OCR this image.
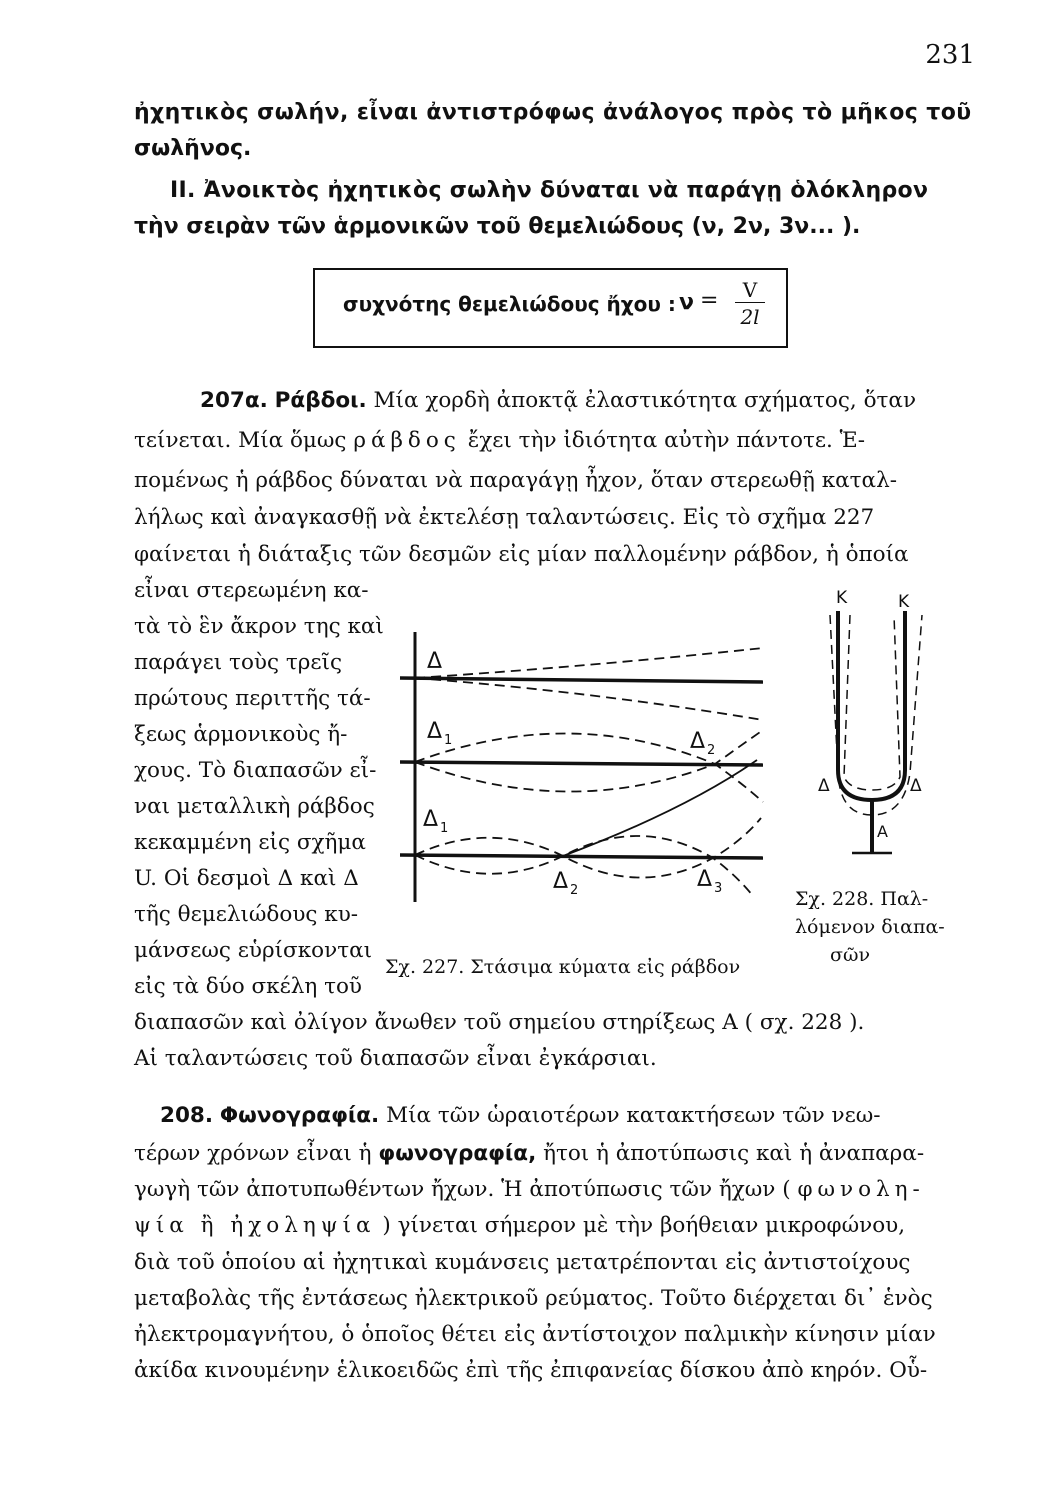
231
ἠχητικὸς σωλήν, εἶναι ἀντιστρόφως ἀνάλογος πρὸς τὸ μῆκος τοῦ
σωλῆνος.
II. Ἀνοικτὸς ἠχητικὸς σωλὴν δύναται νὰ παράγῃ ὁλόκληρον
τὴν σειρὰν τῶν ἁρμονικῶν τοῦ θεμελιώδους (ν, 2ν, 3ν... ).
συχνότης θεμελιώδους ἤχου : $\nu = \frac{V}{2l}$
207α. Ράβδοι. Μία χορδὴ ἀποκτᾷ ἐλαστικότητα σχήματος, ὅταν
τείνεται. Μία ὅμως ράβδος ἔχει τὴν ἰδιότητα αὐτὴν πάντοτε. Ἑ-
πομένως ἡ ράβδος δύναται νὰ παραγάγῃ ἦχον, ὅταν στερεωθῇ καταλ-
λήλως καὶ ἀναγκασθῇ νὰ ἐκτελέσῃ ταλαντώσεις. Εἰς τὸ σχῆμα 227
φαίνεται ἡ διάταξις τῶν δεσμῶν εἰς μίαν παλλομένην ράβδον, ἡ ὁποία
εἶναι στερεωμένη κα-
τὰ τὸ ἓν ἄκρον της καὶ
παράγει τοὺς τρεῖς
πρώτους περιττῆς τά-
ξεως ἁρμονικοὺς ἤ-
χους. Τὸ διαπασῶν εἶ-
ναι μεταλλικὴ ράβδος
κεκαμμένη εἰς σχῆμα
U. Οἱ δεσμοὶ Δ καὶ Δ
τῆς θεμελιώδους κυ-
μάνσεως εὑρίσκονται
εἰς τὰ δύο σκέλη τοῦ
Δ
Δ 1	Δ 2
Δ 1
Δ 2	Δ 3
Σχ. 227. Στάσιμα κύματα εἰς ράβδον
Κ	Κ
Δ	Δ
Α
Σχ. 228. Παλ-
λόμενον διαπα-
σῶν
διαπασῶν καὶ ὀλίγον ἄνωθεν τοῦ σημείου στηρίξεως Α ( σχ. 228 ).
Αἱ ταλαντώσεις τοῦ διαπασῶν εἶναι ἐγκάρσιαι.
208. Φωνογραφία. Μία τῶν ὡραιοτέρων κατακτήσεων τῶν νεω-
τέρων χρόνων εἶναι ἡ φωνογραφία, ἤτοι ἡ ἀποτύπωσις καὶ ἡ ἀναπαρα-
γωγὴ τῶν ἀποτυπωθέντων ἤχων. Ἡ ἀποτύπωσις τῶν ἤχων ( φωνολη-
ψία ἢ ἠχοληψία ) γίνεται σήμερον μὲ τὴν βοήθειαν μικροφώνου,
διὰ τοῦ ὁποίου αἱ ἠχητικαὶ κυμάνσεις μετατρέπονται εἰς ἀντιστοίχους
μεταβολὰς τῆς ἐντάσεως ἠλεκτρικοῦ ρεύματος. Τοῦτο διέρχεται δι᾽ ἑνὸς
ἠλεκτρομαγνήτου, ὁ ὁποῖος θέτει εἰς ἀντίστοιχον παλμικὴν κίνησιν μίαν
ἀκίδα κινουμένην ἑλικοειδῶς ἐπὶ τῆς ἐπιφανείας δίσκου ἀπὸ κηρόν. Οὗ-
